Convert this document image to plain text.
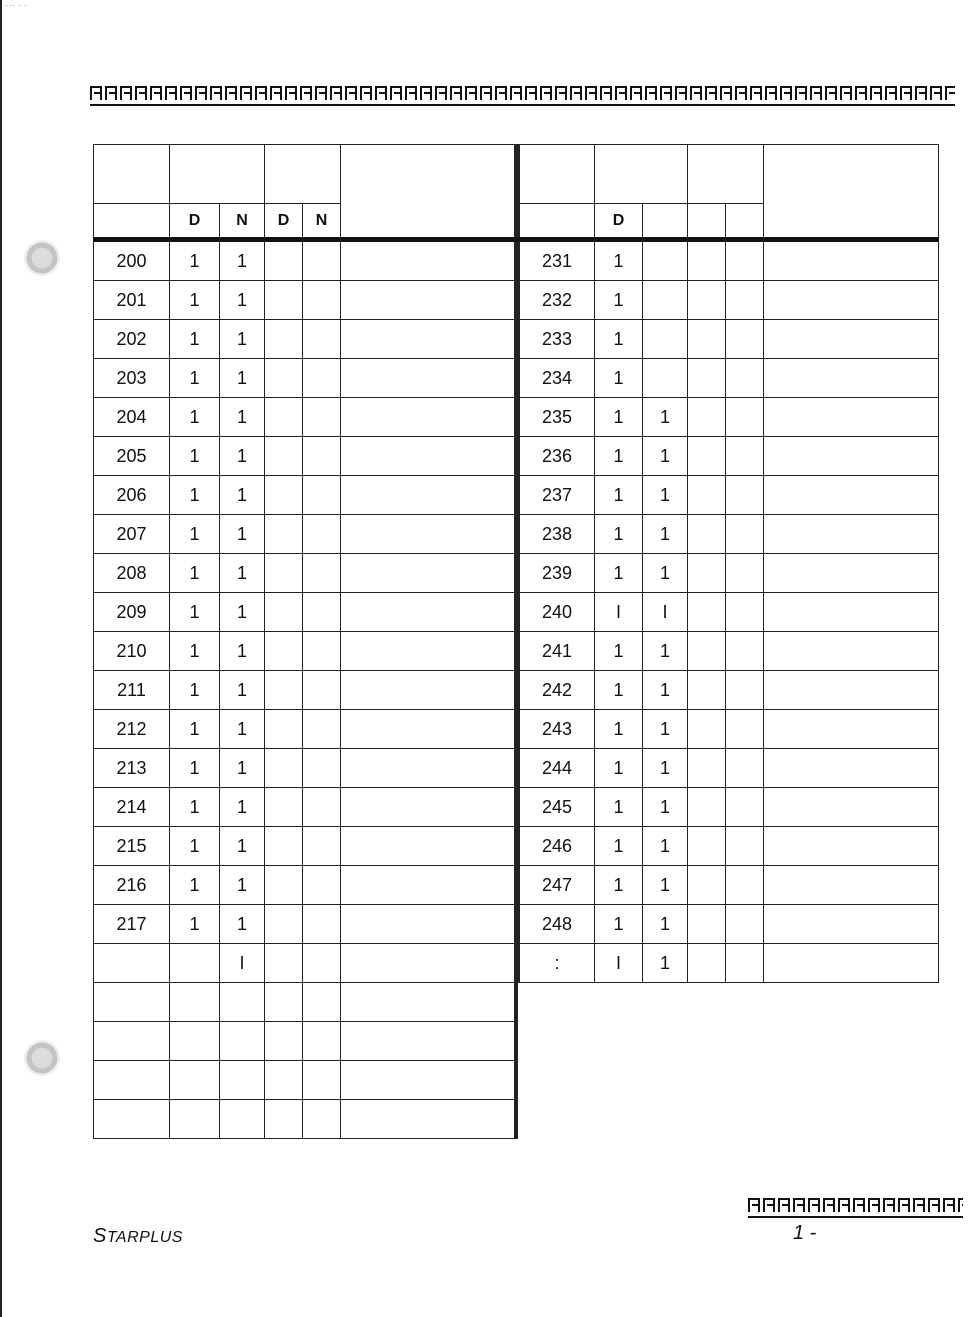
··· · ·

	D	N	D	N	
200	1	1			
201	1	1			
202	1	1			
203	1	1			
204	1	1			
205	1	1			
206	1	1			
207	1	1			
208	1	1			
209	1	1			
210	1	1			
211	1	1			
212	1	1			
213	1	1			
214	1	1			
215	1	1			
216	1	1			
217	1	1			
		I			

	D				
231	1				
232	1				
233	1				
234	1				
235	1	1			
236	1	1			
237	1	1			
238	1	1			
239	1	1			
240	I	I			
241	1	1			
242	1	1			
243	1	1			
244	1	1			
245	1	1			
246	1	1			
247	1	1			
248	1	1			
:	I	1			
STARPLUS	1 -
